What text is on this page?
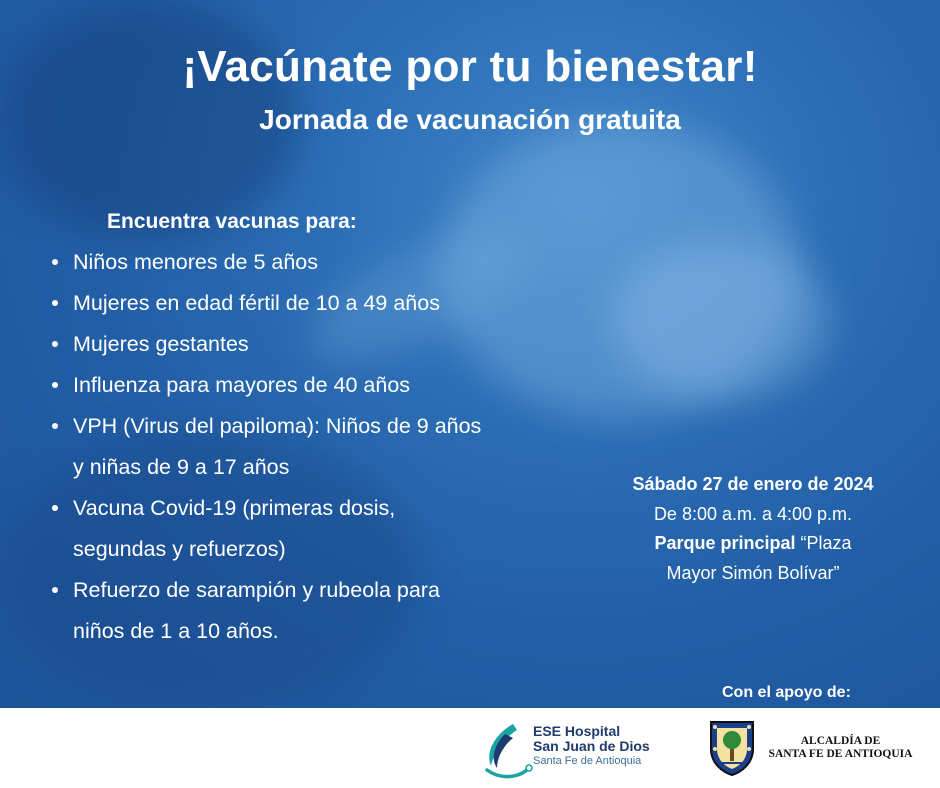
¡Vacúnate por tu bienestar!
Jornada de vacunación gratuita
Encuentra vacunas para:
Niños menores de 5 años
Mujeres en edad fértil de 10 a 49 años
Mujeres gestantes
Influenza para mayores de 40 años
VPH (Virus del papiloma): Niños de 9 años y niñas de 9 a 17 años
Vacuna Covid-19 (primeras dosis, segundas y refuerzos)
Refuerzo de sarampión y rubeola para niños de 1 a 10 años.
Sábado 27 de enero de 2024
De 8:00 a.m. a 4:00 p.m.
Parque principal “Plaza
Mayor Simón Bolívar”
Con el apoyo de:
ESE Hospital
San Juan de Dios
Santa Fe de Antioquia
ALCALDÍA DE
SANTA FE DE ANTIOQUIA
